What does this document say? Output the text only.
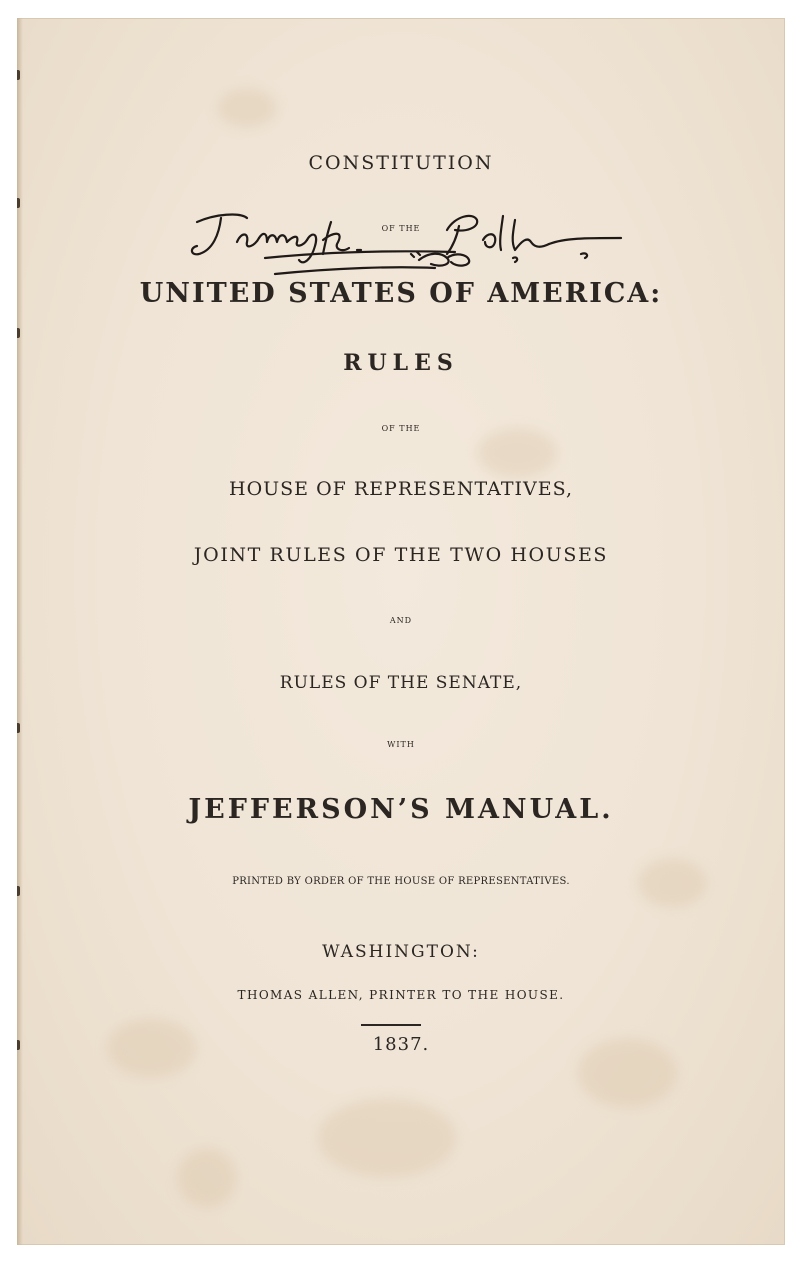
CONSTITUTION
OF THE
UNITED STATES OF AMERICA:
RULES
OF THE
HOUSE OF REPRESENTATIVES,
JOINT RULES OF THE TWO HOUSES
AND
RULES OF THE SENATE,
WITH
JEFFERSON’S MANUAL.
PRINTED BY ORDER OF THE HOUSE OF REPRESENTATIVES.
WASHINGTON:
THOMAS ALLEN, PRINTER TO THE HOUSE.
1837.
